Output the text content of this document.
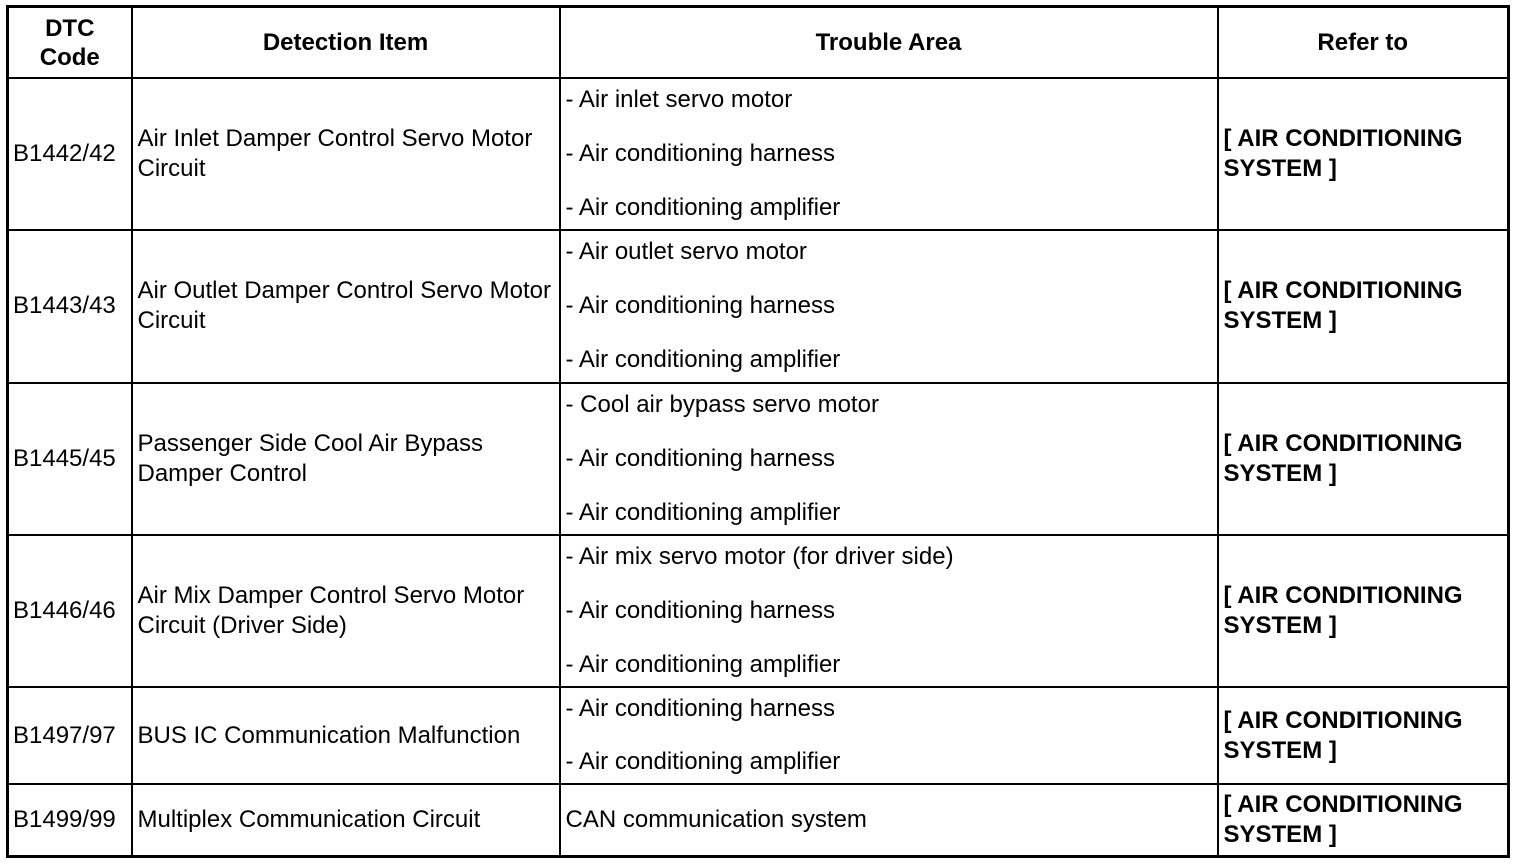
DTC
Code	Detection Item	Trouble Area	Refer to
B1442/42	Air Inlet Damper Control Servo Motor Circuit	- Air inlet servo motor
- Air conditioning harness
- Air conditioning amplifier	[ AIR CONDITIONING SYSTEM ]
B1443/43	Air Outlet Damper Control Servo Motor Circuit	- Air outlet servo motor
- Air conditioning harness
- Air conditioning amplifier	[ AIR CONDITIONING SYSTEM ]
B1445/45	Passenger Side Cool Air Bypass Damper Control	- Cool air bypass servo motor
- Air conditioning harness
- Air conditioning amplifier	[ AIR CONDITIONING SYSTEM ]
B1446/46	Air Mix Damper Control Servo Motor Circuit (Driver Side)	- Air mix servo motor (for driver side)
- Air conditioning harness
- Air conditioning amplifier	[ AIR CONDITIONING SYSTEM ]
B1497/97	BUS IC Communication Malfunction	- Air conditioning harness
- Air conditioning amplifier	[ AIR CONDITIONING SYSTEM ]
B1499/99	Multiplex Communication Circuit	CAN communication system	[ AIR CONDITIONING SYSTEM ]
